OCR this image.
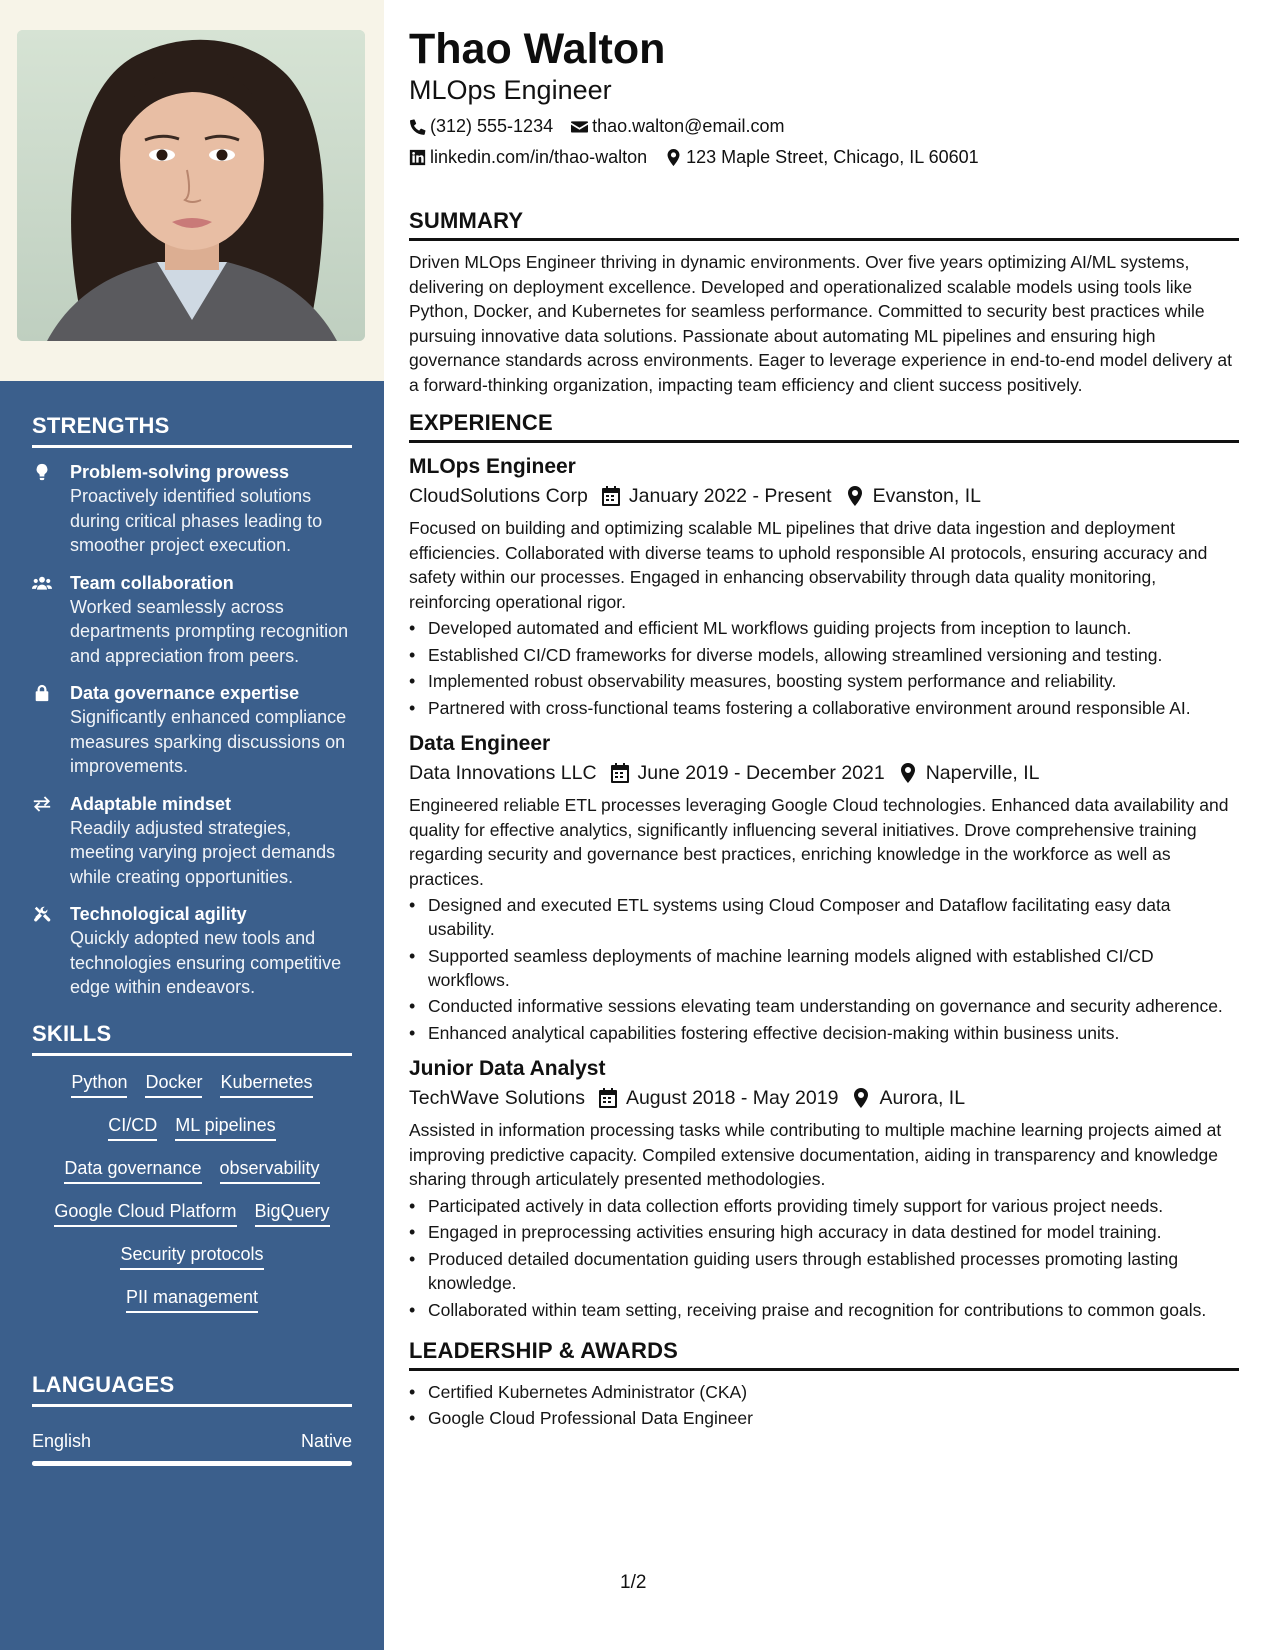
STRENGTHS
Problem-solving prowess
Proactively identified solutions during critical phases leading to smoother project execution.
Team collaboration
Worked seamlessly across departments prompting recognition and appreciation from peers.
Data governance expertise
Significantly enhanced compliance measures sparking discussions on improvements.
Adaptable mindset
Readily adjusted strategies, meeting varying project demands while creating opportunities.
Technological agility
Quickly adopted new tools and technologies ensuring competitive edge within endeavors.
SKILLS
Python Docker Kubernetes
CI/CD ML pipelines
Data governance observability
Google Cloud Platform BigQuery
Security protocols
PII management
LANGUAGES
English	Native
Thao Walton
MLOps Engineer
(312) 555-1234 thao.walton@email.com
linkedin.com/in/thao-walton 123 Maple Street, Chicago, IL 60601
SUMMARY

Driven MLOps Engineer thriving in dynamic environments. Over five years optimizing AI/ML systems, delivering on deployment excellence. Developed and operationalized scalable models using tools like Python, Docker, and Kubernetes for seamless performance. Committed to security best practices while pursuing innovative data solutions. Passionate about automating ML pipelines and ensuring high governance standards across environments. Eager to leverage experience in end-to-end model delivery at a forward-thinking organization, impacting team efficiency and client success positively.

EXPERIENCE
MLOps Engineer
CloudSolutions Corp January 2022 - Present Evanston, IL

Focused on building and optimizing scalable ML pipelines that drive data ingestion and deployment efficiencies. Collaborated with diverse teams to uphold responsible AI protocols, ensuring accuracy and safety within our processes. Engaged in enhancing observability through data quality monitoring, reinforcing operational rigor.

• Developed automated and efficient ML workflows guiding projects from inception to launch.
• Established CI/CD frameworks for diverse models, allowing streamlined versioning and testing.
• Implemented robust observability measures, boosting system performance and reliability.
• Partnered with cross-functional teams fostering a collaborative environment around responsible AI.
Data Engineer
Data Innovations LLC June 2019 - December 2021 Naperville, IL

Engineered reliable ETL processes leveraging Google Cloud technologies. Enhanced data availability and quality for effective analytics, significantly influencing several initiatives. Drove comprehensive training regarding security and governance best practices, enriching knowledge in the workforce as well as practices.

• Designed and executed ETL systems using Cloud Composer and Dataflow facilitating easy data usability.
• Supported seamless deployments of machine learning models aligned with established CI/CD workflows.
• Conducted informative sessions elevating team understanding on governance and security adherence.
• Enhanced analytical capabilities fostering effective decision-making within business units.
Junior Data Analyst
TechWave Solutions August 2018 - May 2019 Aurora, IL

Assisted in information processing tasks while contributing to multiple machine learning projects aimed at improving predictive capacity. Compiled extensive documentation, aiding in transparency and knowledge sharing through articulately presented methodologies.

• Participated actively in data collection efforts providing timely support for various project needs.
• Engaged in preprocessing activities ensuring high accuracy in data destined for model training.
• Produced detailed documentation guiding users through established processes promoting lasting knowledge.
• Collaborated within team setting, receiving praise and recognition for contributions to common goals.
LEADERSHIP & AWARDS
• Certified Kubernetes Administrator (CKA)
• Google Cloud Professional Data Engineer
1/2
